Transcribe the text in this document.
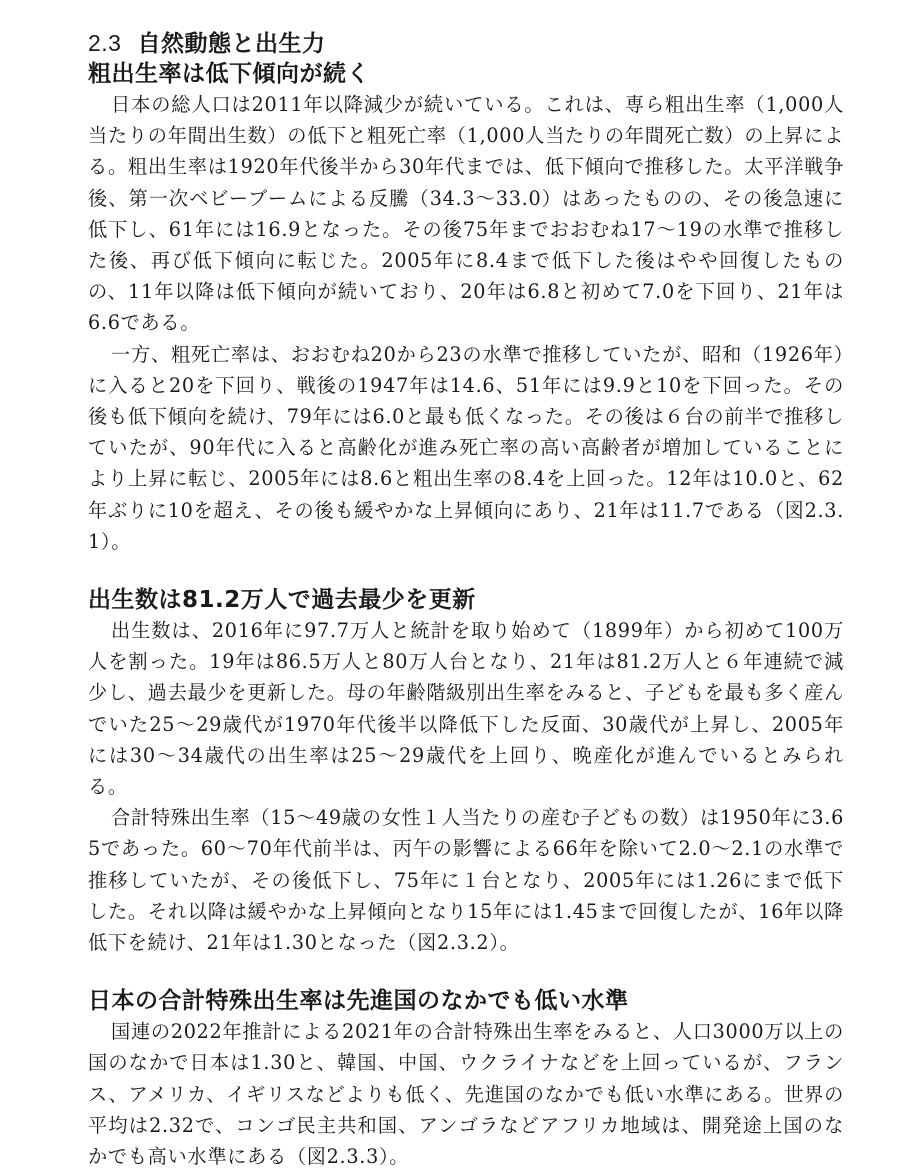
2.3 自然動態と出生力
粗出生率は低下傾向が続く

日本の総人口は2011年以降減少が続いている。これは、専ら粗出生率（1,000人当たりの年間出生数）の低下と粗死亡率（1,000人当たりの年間死亡数）の上昇による。粗出生率は1920年代後半から30年代までは、低下傾向で推移した。太平洋戦争後、第一次ベビーブームによる反騰（34.3～33.0）はあったものの、その後急速に低下し、61年には16.9となった。その後75年までおおむね17～19の水準で推移した後、再び低下傾向に転じた。2005年に8.4まで低下した後はやや回復したものの、11年以降は低下傾向が続いており、20年は6.8と初めて7.0を下回り、21年は6.6である。

一方、粗死亡率は、おおむね20から23の水準で推移していたが、昭和（1926年）に入ると20を下回り、戦後の1947年は14.6、51年には9.9と10を下回った。その後も低下傾向を続け、79年には6.0と最も低くなった。その後は６台の前半で推移していたが、90年代に入ると高齢化が進み死亡率の高い高齢者が増加していることにより上昇に転じ、2005年には8.6と粗出生率の8.4を上回った。12年は10.0と、62年ぶりに10を超え、その後も緩やかな上昇傾向にあり、21年は11.7である（図2.3.1）。

出生数は81.2万人で過去最少を更新

出生数は、2016年に97.7万人と統計を取り始めて（1899年）から初めて100万人を割った。19年は86.5万人と80万人台となり、21年は81.2万人と６年連続で減少し、過去最少を更新した。母の年齢階級別出生率をみると、子どもを最も多く産んでいた25～29歳代が1970年代後半以降低下した反面、30歳代が上昇し、2005年には30～34歳代の出生率は25～29歳代を上回り、晩産化が進んでいるとみられる。

合計特殊出生率（15～49歳の女性１人当たりの産む子どもの数）は1950年に3.65であった。60～70年代前半は、丙午の影響による66年を除いて2.0～2.1の水準で推移していたが、その後低下し、75年に１台となり、2005年には1.26にまで低下した。それ以降は緩やかな上昇傾向となり15年には1.45まで回復したが、16年以降低下を続け、21年は1.30となった（図2.3.2）。

日本の合計特殊出生率は先進国のなかでも低い水準

国連の2022年推計による2021年の合計特殊出生率をみると、人口3000万以上の国のなかで日本は1.30と、韓国、中国、ウクライナなどを上回っているが、フランス、アメリカ、イギリスなどよりも低く、先進国のなかでも低い水準にある。世界の平均は2.32で、コンゴ民主共和国、アンゴラなどアフリカ地域は、開発途上国のなかでも高い水準にある（図2.3.3）。
